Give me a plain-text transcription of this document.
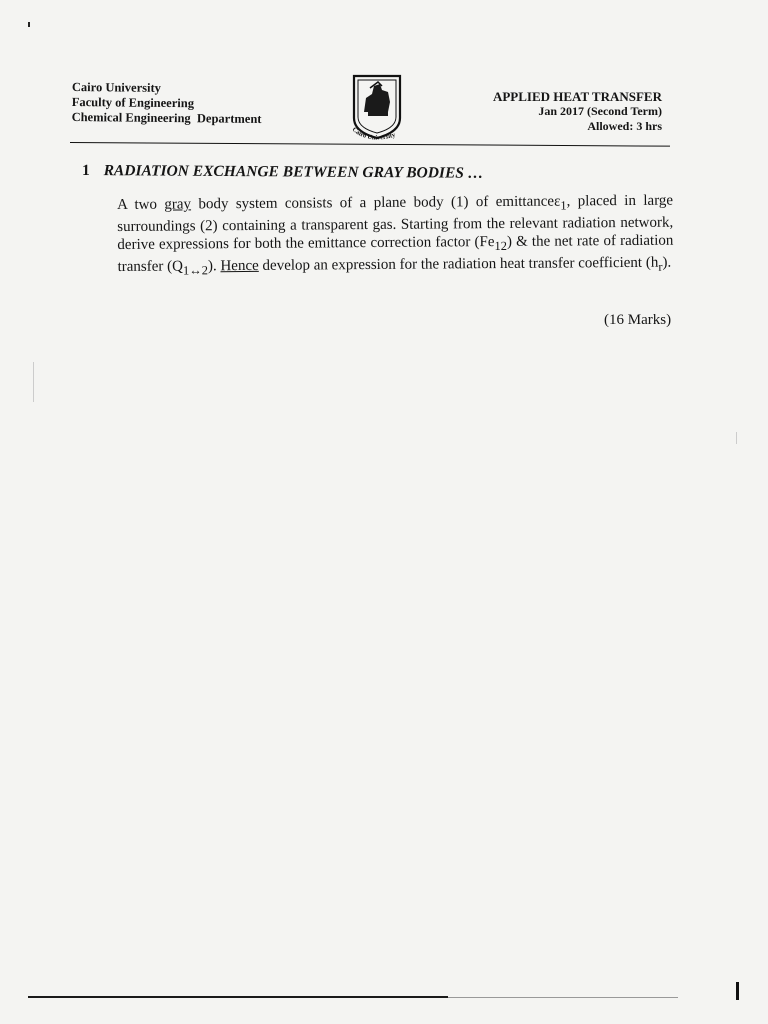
Cairo University
Faculty of Engineering
Chemical Engineering  Department
Cairo University
APPLIED HEAT TRANSFER
Jan 2017 (Second Term)
Allowed: 3 hrs
1 RADIATION EXCHANGE BETWEEN GRAY BODIES …
A two gray body system consists of a plane body (1) of emittanceε$_1$, placed in large surroundings (2) containing a transparent gas. Starting from the relevant radiation network, derive expressions for both the emittance correction factor $(Fe_{12})$ & the net rate of radiation transfer $(Q_{1\leftrightarrow 2})$. Hence develop an expression for the radiation heat transfer coefficient $(h_r)$.
(16 Marks)
